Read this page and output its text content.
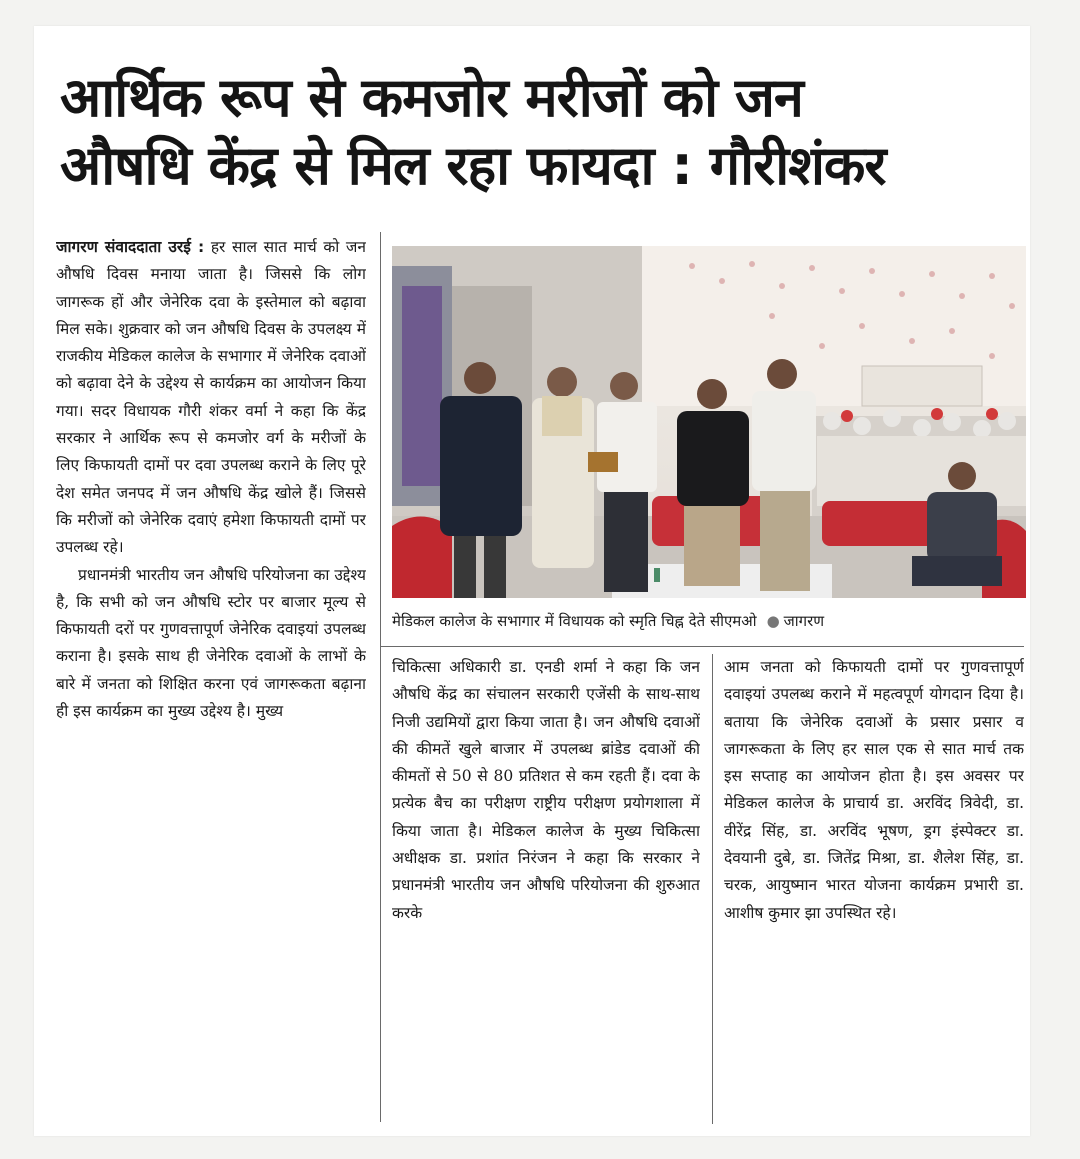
आर्थिक रूप से कमजोर मरीजों को जन
औषधि केंद्र से मिल रहा फायदा : गौरीशंकर

जागरण संवाददाता उरई : हर साल सात मार्च को जन औषधि दिवस मनाया जाता है। जिससे कि लोग जागरूक हों और जेनेरिक दवा के इस्तेमाल को बढ़ावा मिल सके। शुक्रवार को जन औषधि दिवस के उपलक्ष्य में राजकीय मेडिकल कालेज के सभागार में जेनेरिक दवाओं को बढ़ावा देने के उद्देश्य से कार्यक्रम का आयोजन किया गया। सदर विधायक गौरी शंकर वर्मा ने कहा कि केंद्र सरकार ने आर्थिक रूप से कमजोर वर्ग के मरीजों के लिए किफायती दामों पर दवा उपलब्ध कराने के लिए पूरे देश समेत जनपद में जन औषधि केंद्र खोले हैं। जिससे कि मरीजों को जेनेरिक दवाएं हमेशा किफायती दामों पर उपलब्ध रहे।

प्रधानमंत्री भारतीय जन औषधि परियोजना का उद्देश्य है, कि सभी को जन औषधि स्टोर पर बाजार मूल्य से किफायती दरों पर गुणवत्तापूर्ण जेनेरिक दवाइयां उपलब्ध कराना है। इसके साथ ही जेनेरिक दवाओं के लाभों के बारे में जनता को शिक्षित करना एवं जागरूकता बढ़ाना ही इस कार्यक्रम का मुख्य उद्देश्य है। मुख्य

मेडिकल कालेज के सभागार में विधायक को स्मृति चिह्न देते सीएमओ ● जागरण

चिकित्सा अधिकारी डा. एनडी शर्मा ने कहा कि जन औषधि केंद्र का संचालन सरकारी एजेंसी के साथ-साथ निजी उद्यमियों द्वारा किया जाता है। जन औषधि दवाओं की कीमतें खुले बाजार में उपलब्ध ब्रांडेड दवाओं की कीमतों से 50 से 80 प्रतिशत से कम रहती हैं। दवा के प्रत्येक बैच का परीक्षण राष्ट्रीय परीक्षण प्रयोगशाला में किया जाता है। मेडिकल कालेज के मुख्य चिकित्सा अधीक्षक डा. प्रशांत निरंजन ने कहा कि सरकार ने प्रधानमंत्री भारतीय जन औषधि परियोजना की शुरुआत करके

आम जनता को किफायती दामों पर गुणवत्तापूर्ण दवाइयां उपलब्ध कराने में महत्वपूर्ण योगदान दिया है। बताया कि जेनेरिक दवाओं के प्रसार प्रसार व जागरूकता के लिए हर साल एक से सात मार्च तक इस सप्ताह का आयोजन होता है। इस अवसर पर मेडिकल कालेज के प्राचार्य डा. अरविंद त्रिवेदी, डा. वीरेंद्र सिंह, डा. अरविंद भूषण, ड्रग इंस्पेक्टर डा. देवयानी दुबे, डा. जितेंद्र मिश्रा, डा. शैलेश सिंह, डा. चरक, आयुष्मान भारत योजना कार्यक्रम प्रभारी डा. आशीष कुमार झा उपस्थित रहे।
